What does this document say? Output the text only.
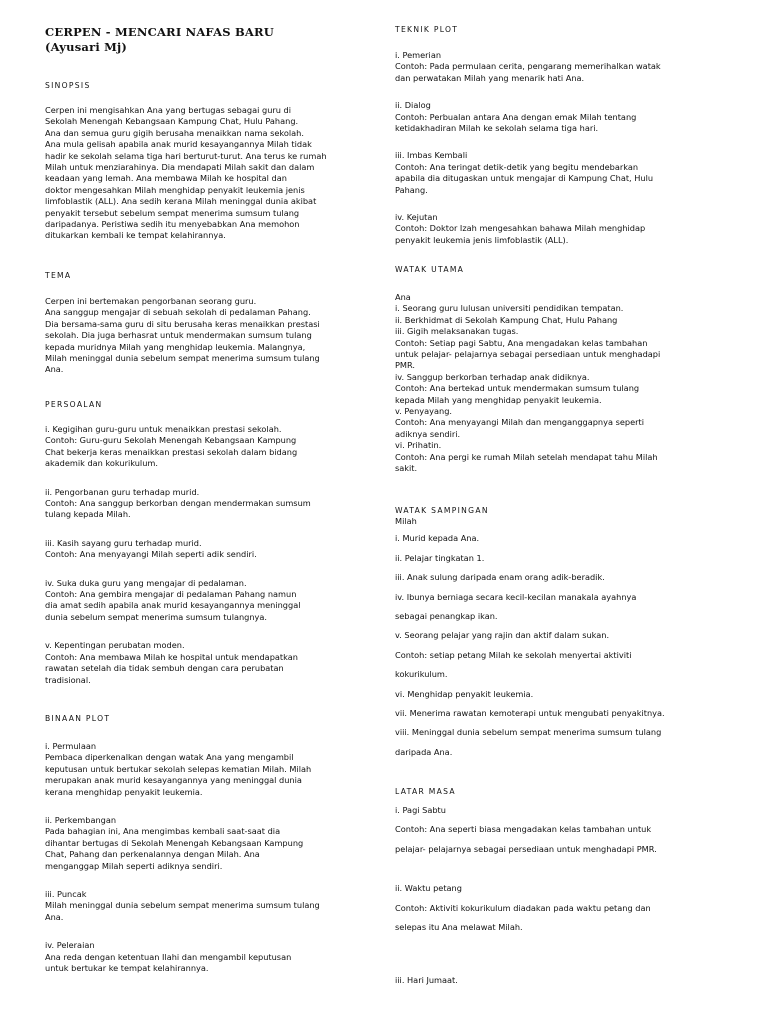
CERPEN - MENCARI NAFAS BARU
(Ayusari Mj)
SINOPSIS
Cerpen ini mengisahkan Ana yang bertugas sebagai guru di
Sekolah Menengah Kebangsaan Kampung Chat, Hulu Pahang.
Ana dan semua guru gigih berusaha menaikkan nama sekolah.
Ana mula gelisah apabila anak murid kesayangannya Milah tidak
hadir ke sekolah selama tiga hari berturut-turut. Ana terus ke rumah
Milah untuk menziarahinya. Dia mendapati Milah sakit dan dalam
keadaan yang lemah. Ana membawa Milah ke hospital dan
doktor mengesahkan Milah menghidap penyakit leukemia jenis
limfoblastik (ALL). Ana sedih kerana Milah meninggal dunia akibat
penyakit tersebut sebelum sempat menerima sumsum tulang
daripadanya. Peristiwa sedih itu menyebabkan Ana memohon
ditukarkan kembali ke tempat kelahirannya.
TEMA
Cerpen ini bertemakan pengorbanan seorang guru.
Ana sanggup mengajar di sebuah sekolah di pedalaman Pahang.
Dia bersama-sama guru di situ berusaha keras menaikkan prestasi
sekolah. Dia juga berhasrat untuk mendermakan sumsum tulang
kepada muridnya Milah yang menghidap leukemia. Malangnya,
Milah meninggal dunia sebelum sempat menerima sumsum tulang
Ana.
PERSOALAN
i. Kegigihan guru-guru untuk menaikkan prestasi sekolah.
Contoh: Guru-guru Sekolah Menengah Kebangsaan Kampung
Chat bekerja keras menaikkan prestasi sekolah dalam bidang
akademik dan kokurikulum.
ii. Pengorbanan guru terhadap murid.
Contoh: Ana sanggup berkorban dengan mendermakan sumsum
tulang kepada Milah.
iii. Kasih sayang guru terhadap murid.
Contoh: Ana menyayangi Milah seperti adik sendiri.
iv. Suka duka guru yang mengajar di pedalaman.
Contoh: Ana gembira mengajar di pedalaman Pahang namun
dia amat sedih apabila anak murid kesayangannya meninggal
dunia sebelum sempat menerima sumsum tulangnya.
v. Kepentingan perubatan moden.
Contoh: Ana membawa Milah ke hospital untuk mendapatkan
rawatan setelah dia tidak sembuh dengan cara perubatan
tradisional.
BINAAN PLOT
i. Permulaan
Pembaca diperkenalkan dengan watak Ana yang mengambil
keputusan untuk bertukar sekolah selepas kematian Milah. Milah
merupakan anak murid kesayangannya yang meninggal dunia
kerana menghidap penyakit leukemia.
ii. Perkembangan
Pada bahagian ini, Ana mengimbas kembali saat-saat dia
dihantar bertugas di Sekolah Menengah Kebangsaan Kampung
Chat, Pahang dan perkenalannya dengan Milah. Ana
menganggap Milah seperti adiknya sendiri.
iii. Puncak
Milah meninggal dunia sebelum sempat menerima sumsum tulang
Ana.
iv. Peleraian
Ana reda dengan ketentuan Ilahi dan mengambil keputusan
untuk bertukar ke tempat kelahirannya.
TEKNIK PLOT
i. Pemerian
Contoh: Pada permulaan cerita, pengarang memerihalkan watak
dan perwatakan Milah yang menarik hati Ana.
ii. Dialog
Contoh: Perbualan antara Ana dengan emak Milah tentang
ketidakhadiran Milah ke sekolah selama tiga hari.
iii. Imbas Kembali
Contoh: Ana teringat detik-detik yang begitu mendebarkan
apabila dia ditugaskan untuk mengajar di Kampung Chat, Hulu
Pahang.
iv. Kejutan
Contoh: Doktor Izah mengesahkan bahawa Milah menghidap
penyakit leukemia jenis limfoblastik (ALL).
WATAK UTAMA
Ana
i. Seorang guru lulusan universiti pendidikan tempatan.
ii. Berkhidmat di Sekolah Kampung Chat, Hulu Pahang
iii. Gigih melaksanakan tugas.
Contoh: Setiap pagi Sabtu, Ana mengadakan kelas tambahan
untuk pelajar- pelajarnya sebagai persediaan untuk menghadapi
PMR.
iv. Sanggup berkorban terhadap anak didiknya.
Contoh: Ana bertekad untuk mendermakan sumsum tulang
kepada Milah yang menghidap penyakit leukemia.
v. Penyayang.
Contoh: Ana menyayangi Milah dan menganggapnya seperti
adiknya sendiri.
vi. Prihatin.
Contoh: Ana pergi ke rumah Milah setelah mendapat tahu Milah
sakit.
WATAK SAMPINGAN
Milah
i. Murid kepada Ana.
ii. Pelajar tingkatan 1.
iii. Anak sulung daripada enam orang adik-beradik.
iv. Ibunya berniaga secara kecil-kecilan manakala ayahnya
sebagai penangkap ikan.
v. Seorang pelajar yang rajin dan aktif dalam sukan.
Contoh: setiap petang Milah ke sekolah menyertai aktiviti
kokurikulum.
vi. Menghidap penyakit leukemia.
vii. Menerima rawatan kemoterapi untuk mengubati penyakitnya.
viii. Meninggal dunia sebelum sempat menerima sumsum tulang
daripada Ana.
LATAR MASA
i. Pagi Sabtu
Contoh: Ana seperti biasa mengadakan kelas tambahan untuk
pelajar- pelajarnya sebagai persediaan untuk menghadapi PMR.
ii. Waktu petang
Contoh: Aktiviti kokurikulum diadakan pada waktu petang dan
selepas itu Ana melawat Milah.
iii. Hari Jumaat.
